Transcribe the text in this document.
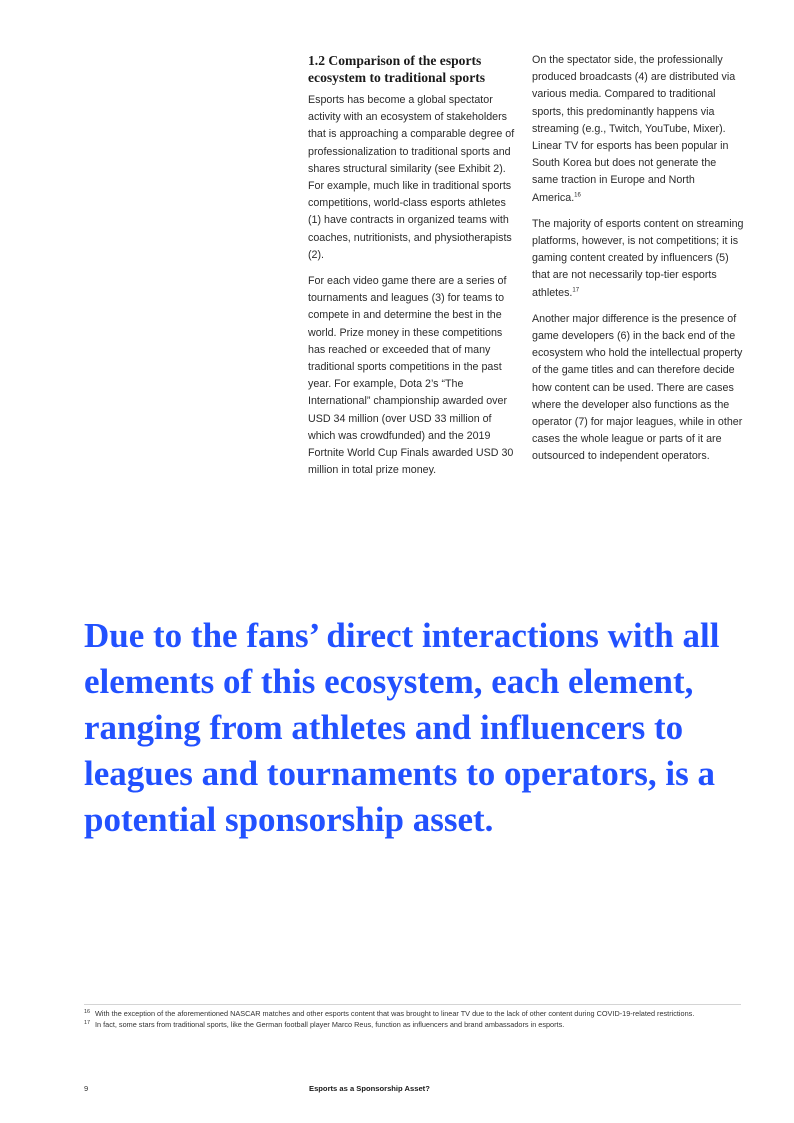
1.2 Comparison of the esports ecosystem to traditional sports

Esports has become a global spectator activity with an ecosystem of stakeholders that is approaching a comparable degree of professionalization to traditional sports and shares structural similarity (see Exhibit 2). For example, much like in traditional sports competitions, world-class esports athletes (1) have contracts in organized teams with coaches, nutritionists, and physiotherapists (2).

For each video game there are a series of tournaments and leagues (3) for teams to compete in and determine the best in the world. Prize money in these competitions has reached or exceeded that of many traditional sports competitions in the past year. For example, Dota 2’s “The International” championship awarded over USD 34 million (over USD 33 million of which was crowdfunded) and the 2019 Fortnite World Cup Finals awarded USD 30 million in total prize money.

On the spectator side, the professionally produced broadcasts (4) are distributed via various media. Compared to traditional sports, this predominantly happens via streaming (e.g., Twitch, YouTube, Mixer). Linear TV for esports has been popular in South Korea but does not generate the same traction in Europe and North America.$^{16}$

The majority of esports content on streaming platforms, however, is not competitions; it is gaming content created by influencers (5) that are not necessarily top-tier esports athletes.$^{17}$

Another major difference is the presence of game developers (6) in the back end of the ecosystem who hold the intellectual property of the game titles and can therefore decide how content can be used. There are cases where the developer also functions as the operator (7) for major leagues, while in other cases the whole league or parts of it are outsourced to independent operators.

Due to the fans’ direct interactions with all elements of this ecosystem, each element, ranging from athletes and influencers to leagues and tournaments to operators, is a potential sponsorship asset.

16 With the exception of the aforementioned NASCAR matches and other esports content that was brought to linear TV due to the lack of other content during COVID-19-related restrictions.

17 In fact, some stars from traditional sports, like the German football player Marco Reus, function as influencers and brand ambassadors in esports.

9	Esports as a Sponsorship Asset?
